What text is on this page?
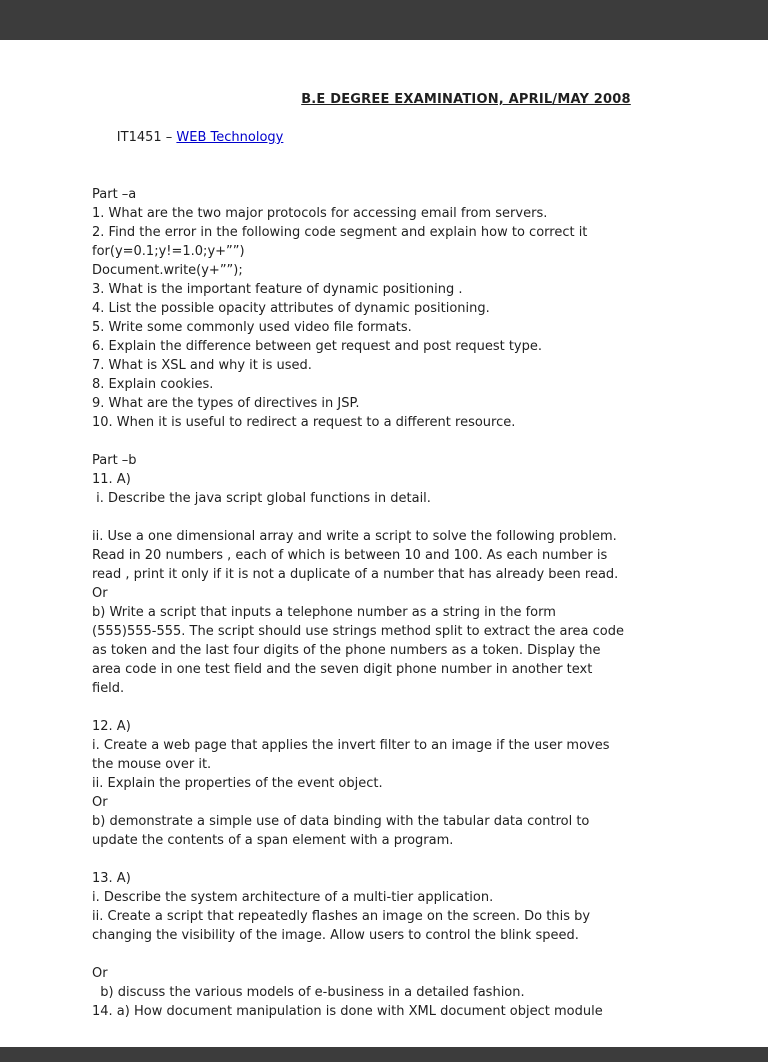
B.E DEGREE EXAMINATION, APRIL/MAY 2008

IT1451 – WEB Technology

Part –a
1. What are the two major protocols for accessing email from servers.
2. Find the error in the following code segment and explain how to correct it
for(y=0.1;y!=1.0;y+””)
Document.write(y+””);
3. What is the important feature of dynamic positioning .
4. List the possible opacity attributes of dynamic positioning.
5. Write some commonly used video file formats.
6. Explain the difference between get request and post request type.
7. What is XSL and why it is used.
8. Explain cookies.
9. What are the types of directives in JSP.
10. When it is useful to redirect a request to a different resource.
Part –b
11. A)
i. Describe the java script global functions in detail.
ii. Use a one dimensional array and write a script to solve the following problem.
Read in 20 numbers , each of which is between 10 and 100. As each number is
read , print it only if it is not a duplicate of a number that has already been read.
Or
b) Write a script that inputs a telephone number as a string in the form
(555)555-555. The script should use strings method split to extract the area code
as token and the last four digits of the phone numbers as a token. Display the
area code in one test field and the seven digit phone number in another text
field.
12. A)
i. Create a web page that applies the invert filter to an image if the user moves
the mouse over it.
ii. Explain the properties of the event object.
Or
b) demonstrate a simple use of data binding with the tabular data control to
update the contents of a span element with a program.
13. A)
i. Describe the system architecture of a multi-tier application.
ii. Create a script that repeatedly flashes an image on the screen. Do this by
changing the visibility of the image. Allow users to control the blink speed.
Or
b) discuss the various models of e-business in a detailed fashion.
14. a) How document manipulation is done with XML document object module
